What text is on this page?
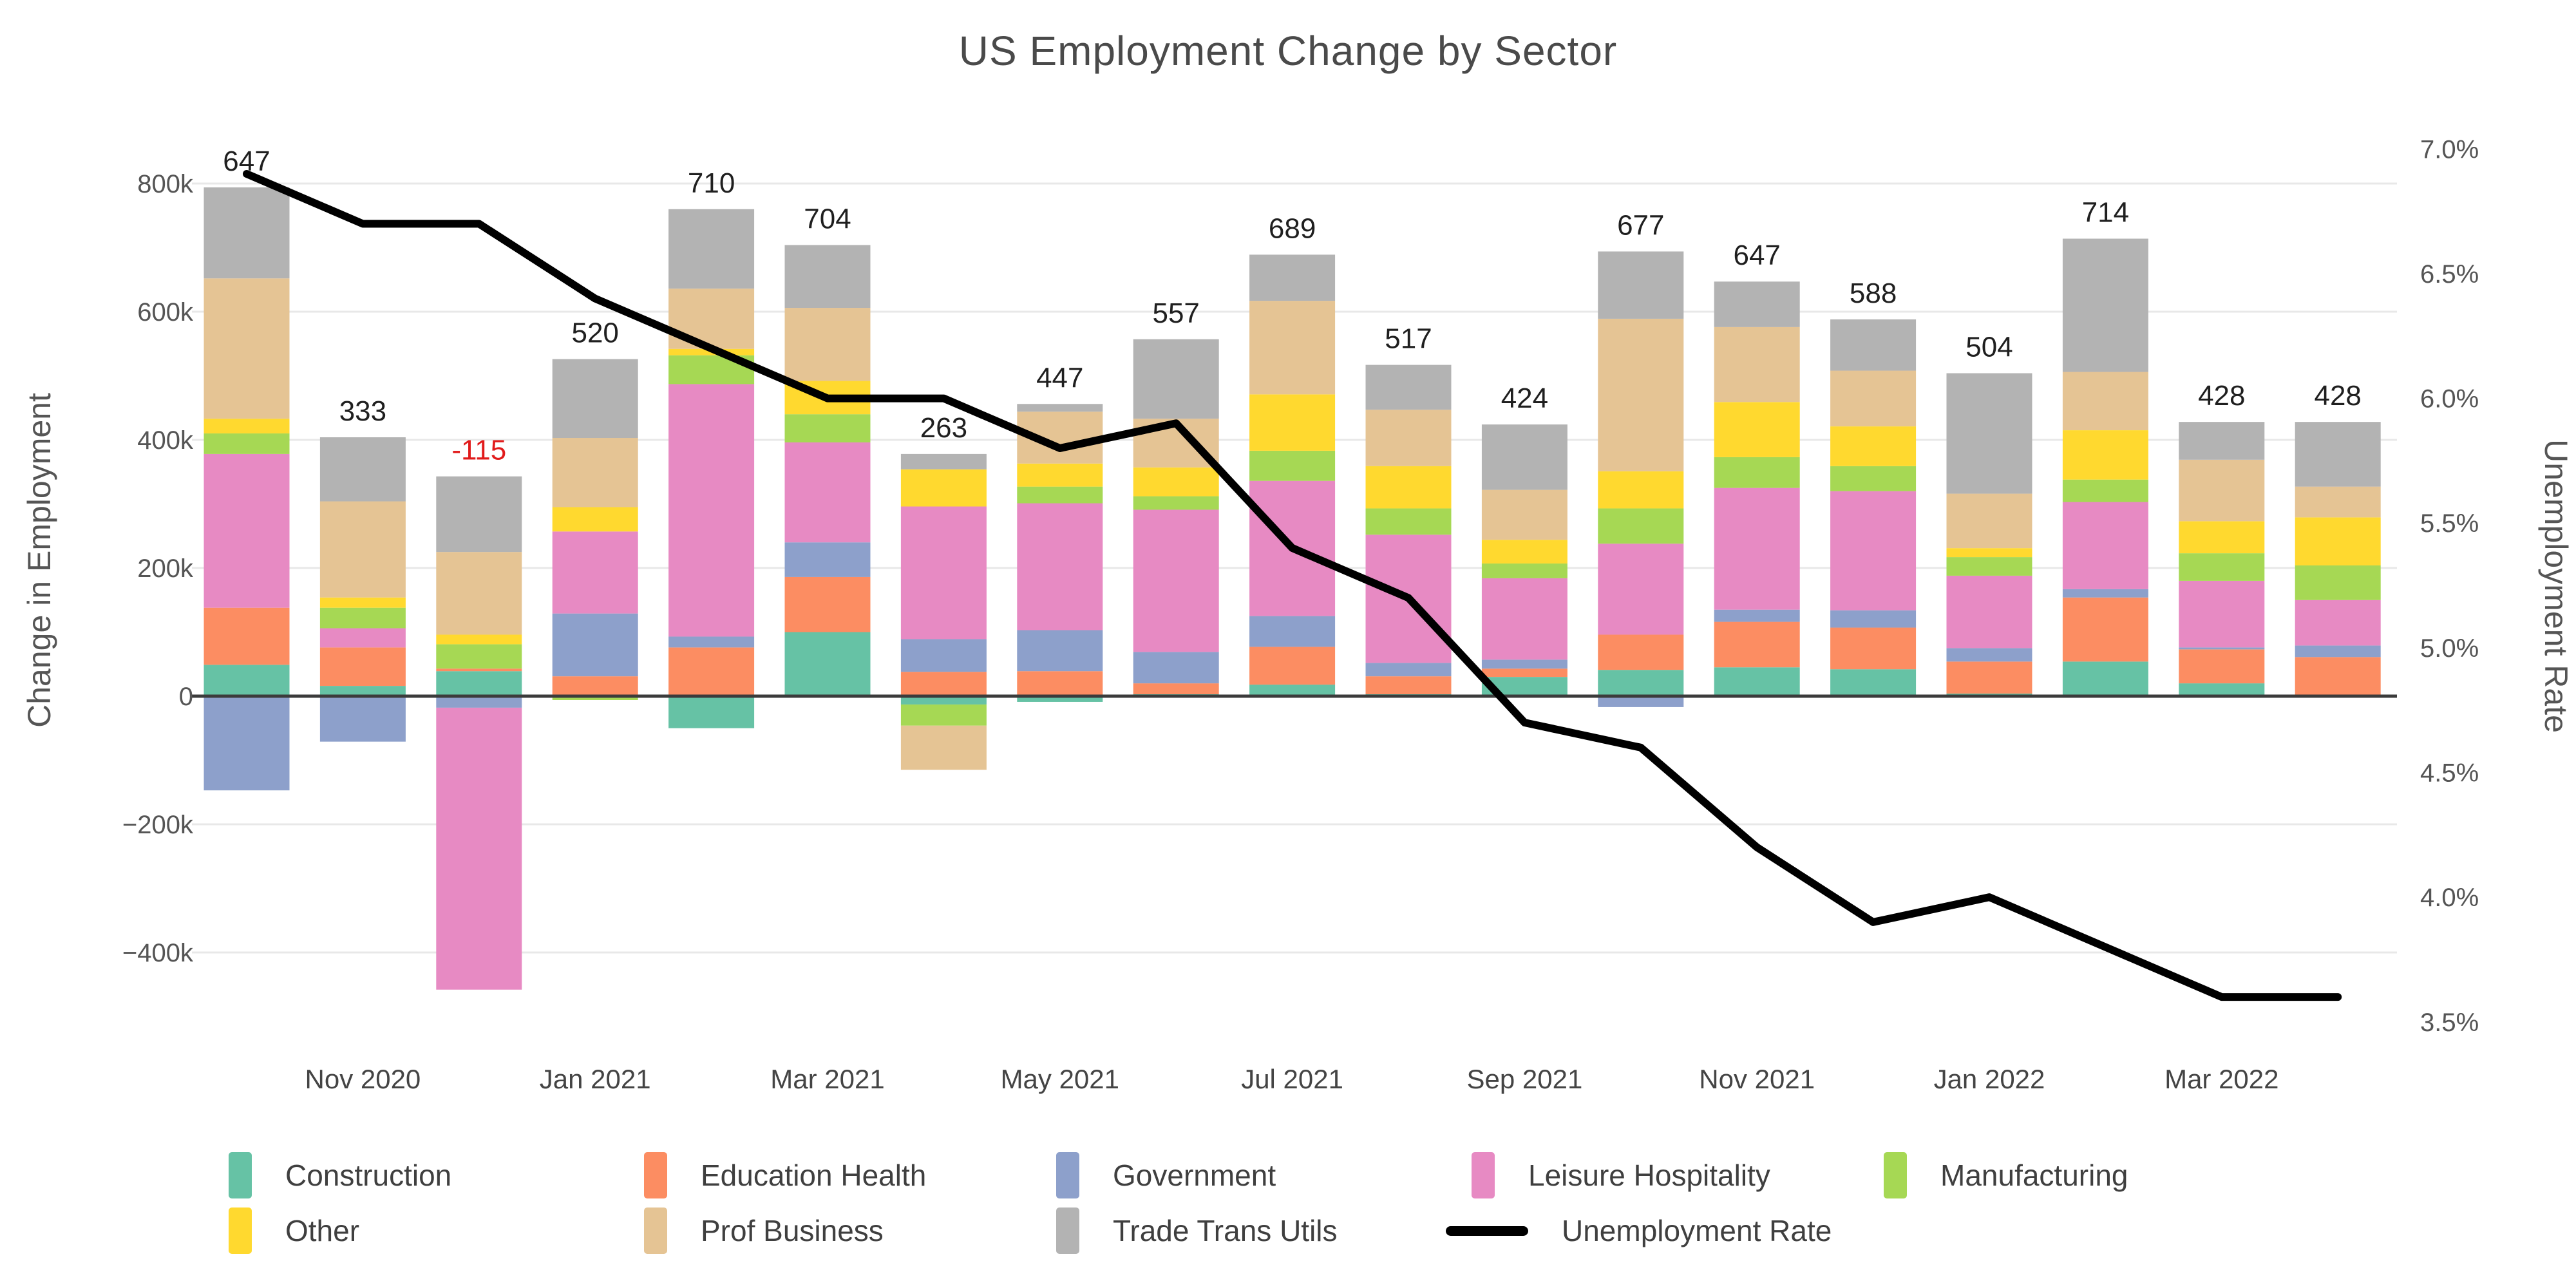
US Employment Change by Sector
647
333
-115
520
710
704
263
447
557
689
517
424
677
647
588
504
714
428 428
800k
600k
400k
200k
0
−200k
−400k
7.0%
6.5%
6.0%
5.5%
5.0%
4.5%
4.0%
3.5%
Nov 2020	Jan 2021	Mar 2021	May 2021	Jul 2021	Sep 2021	Nov 2021	Jan 2022	Mar 2022
Change in Employment	Unemployment Rate
Construction	Education Health	Government	Leisure Hospitality	Manufacturing
Other	Prof Business	Trade Trans Utils	Unemployment Rate
